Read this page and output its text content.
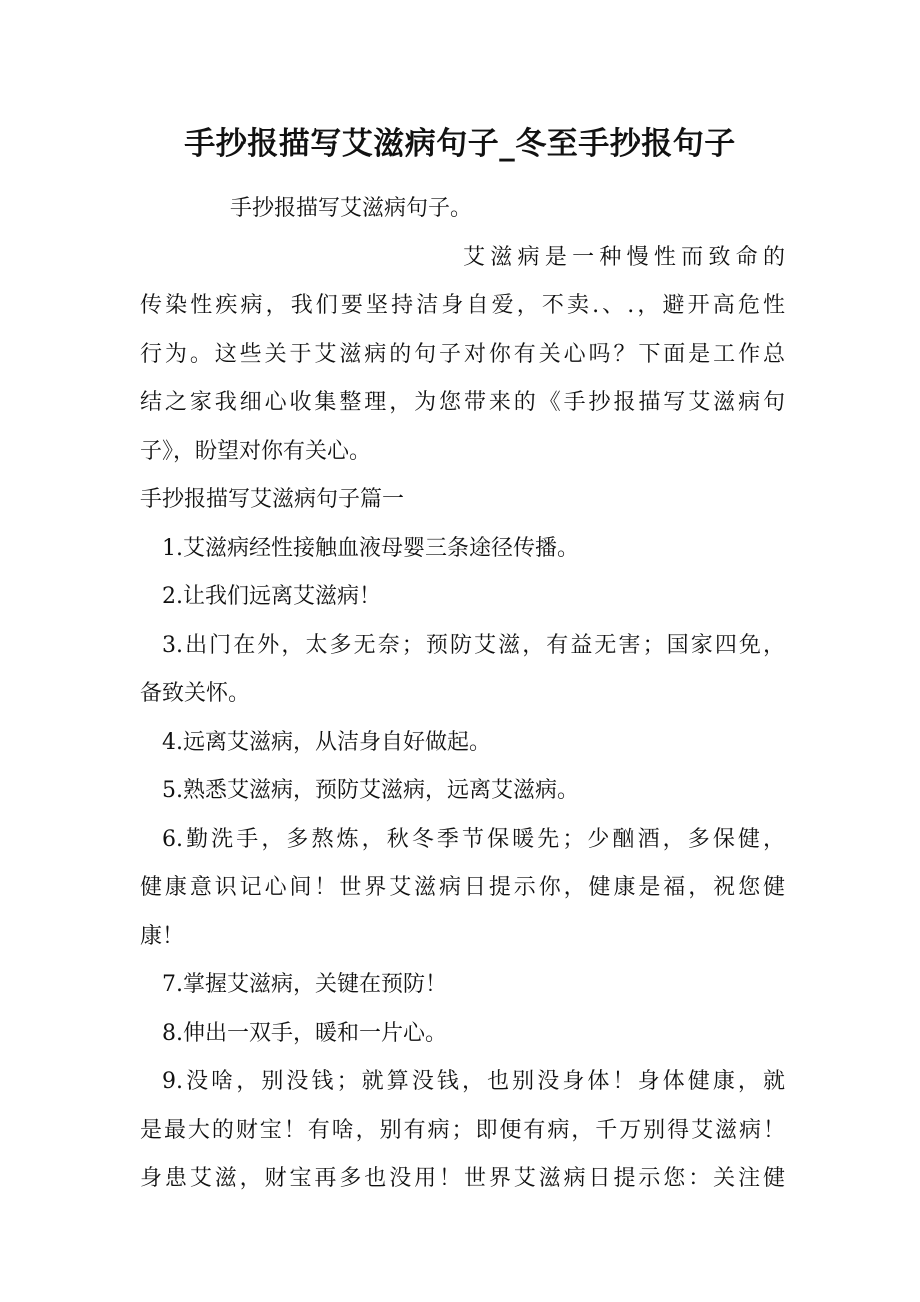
手抄报描写艾滋病句子_冬至手抄报句子
手抄报描写艾滋病句子。
艾滋病是一种慢性而致命的
传染性疾病，我们要坚持洁身自爱，不卖.、.，避开高危性
行为。这些关于艾滋病的句子对你有关心吗？下面是工作总
结之家我细心收集整理，为您带来的《手抄报描写艾滋病句
子》，盼望对你有关心。
手抄报描写艾滋病句子篇一
1.艾滋病经性接触血液母婴三条途径传播。
2.让我们远离艾滋病！
3.出门在外，太多无奈；预防艾滋，有益无害；国家四免，
备致关怀。
4.远离艾滋病，从洁身自好做起。
5.熟悉艾滋病，预防艾滋病，远离艾滋病。
6.勤洗手，多熬炼，秋冬季节保暖先；少酗酒，多保健，
健康意识记心间！世界艾滋病日提示你，健康是福，祝您健
康！
7.掌握艾滋病，关键在预防！
8.伸出一双手，暖和一片心。
9.没啥，别没钱；就算没钱，也别没身体！身体健康，就
是最大的财宝！有啥，别有病；即便有病，千万别得艾滋病！
身患艾滋，财宝再多也没用！世界艾滋病日提示您：关注健
